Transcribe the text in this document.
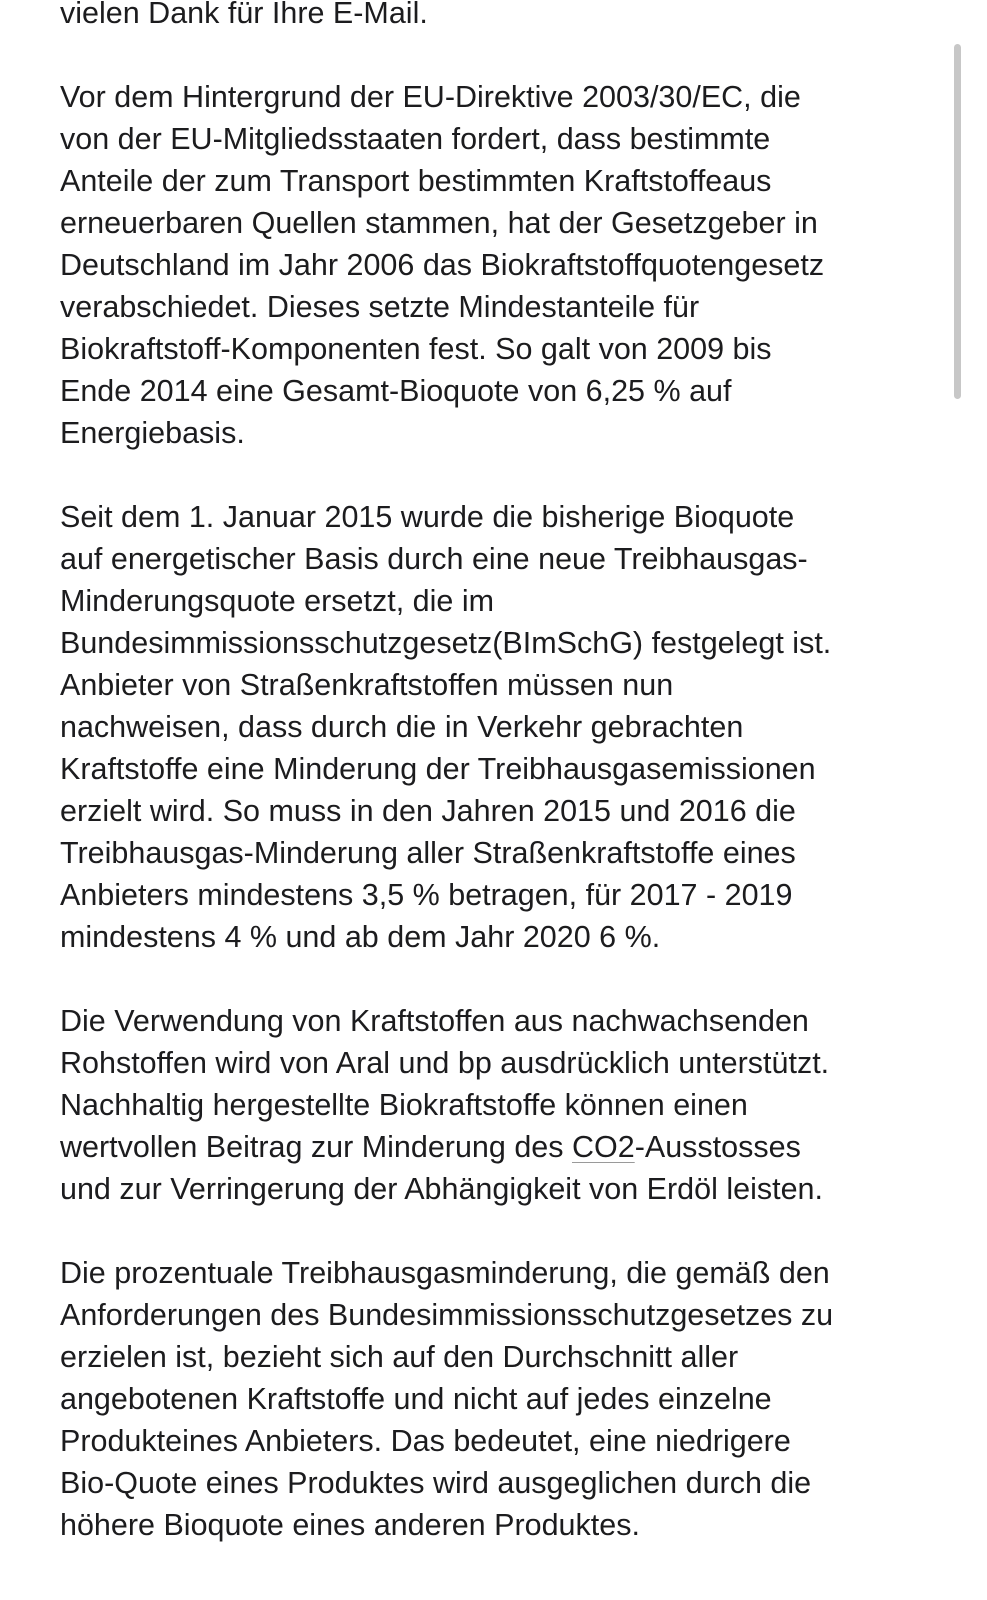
vielen Dank für Ihre E-Mail.

Vor dem Hintergrund der EU-Direktive 2003/30/EC, die
von der EU-Mitgliedsstaaten fordert, dass bestimmte
Anteile der zum Transport bestimmten Kraftstoffeaus
erneuerbaren Quellen stammen, hat der Gesetzgeber in
Deutschland im Jahr 2006 das Biokraftstoffquotengesetz
verabschiedet. Dieses setzte Mindestanteile für
Biokraftstoff-Komponenten fest. So galt von 2009 bis
Ende 2014 eine Gesamt-Bioquote von 6,25 % auf
Energiebasis.

Seit dem 1. Januar 2015 wurde die bisherige Bioquote
auf energetischer Basis durch eine neue Treibhausgas-
Minderungsquote ersetzt, die im
Bundesimmissionsschutzgesetz(BImSchG) festgelegt ist.
Anbieter von Straßenkraftstoffen müssen nun
nachweisen, dass durch die in Verkehr gebrachten
Kraftstoffe eine Minderung der Treibhausgasemissionen
erzielt wird. So muss in den Jahren 2015 und 2016 die
Treibhausgas-Minderung aller Straßenkraftstoffe eines
Anbieters mindestens 3,5 % betragen, für 2017 - 2019
mindestens 4 % und ab dem Jahr 2020 6 %.

Die Verwendung von Kraftstoffen aus nachwachsenden
Rohstoffen wird von Aral und bp ausdrücklich unterstützt.
Nachhaltig hergestellte Biokraftstoffe können einen
wertvollen Beitrag zur Minderung des CO2-Ausstosses
und zur Verringerung der Abhängigkeit von Erdöl leisten.

Die prozentuale Treibhausgasminderung, die gemäß den
Anforderungen des Bundesimmissionsschutzgesetzes zu
erzielen ist, bezieht sich auf den Durchschnitt aller
angebotenen Kraftstoffe und nicht auf jedes einzelne
Produkteines Anbieters. Das bedeutet, eine niedrigere
Bio-Quote eines Produktes wird ausgeglichen durch die
höhere Bioquote eines anderen Produktes.
